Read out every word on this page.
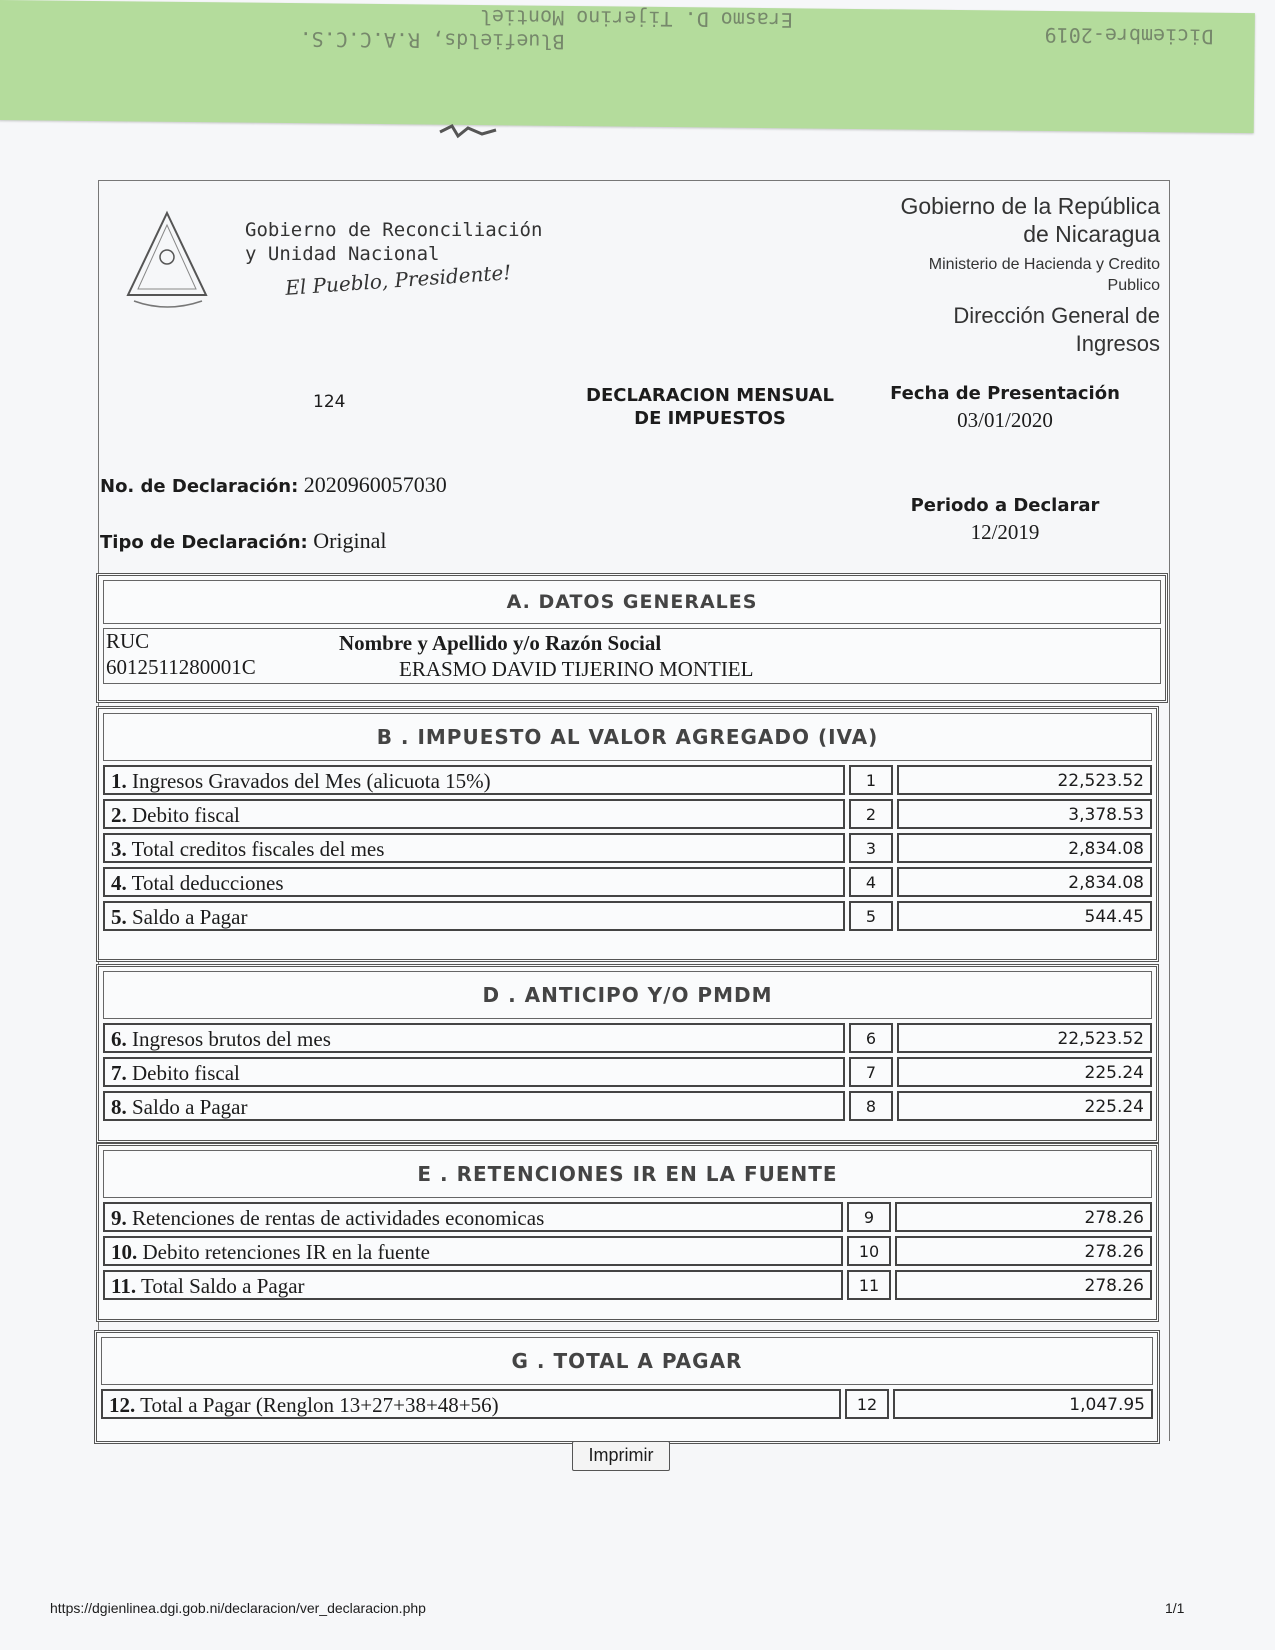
Bluefields, R.A.C.C.S.	Diciembre-2019
Erasmo D. Tijerino Montiel
Gobierno de Reconciliación
y Unidad Nacional
El Pueblo, Presidente!
Gobierno de la República
de Nicaragua
Ministerio de Hacienda y Credito
Publico
Dirección General de
Ingresos
124	DECLARACION MENSUAL
DE IMPUESTOS
Fecha de Presentación
03/01/2020
No. de Declaración: 2020960057030
Periodo a Declarar
12/2019
Tipo de Declaración: Original
A. DATOS GENERALES
RUC
6012511280001C
Nombre y Apellido y/o Razón Social
ERASMO DAVID TIJERINO MONTIEL
B . IMPUESTO AL VALOR AGREGADO (IVA)
1. Ingresos Gravados del Mes (alicuota 15%)	1	22,523.52
2. Debito fiscal	2	3,378.53
3. Total creditos fiscales del mes	3	2,834.08
4. Total deducciones	4	2,834.08
5. Saldo a Pagar	5	544.45
D . ANTICIPO Y/O PMDM
6. Ingresos brutos del mes	6	22,523.52
7. Debito fiscal	7	225.24
8. Saldo a Pagar	8	225.24
E . RETENCIONES IR EN LA FUENTE
9. Retenciones de rentas de actividades economicas	9	278.26
10. Debito retenciones IR en la fuente	10	278.26
11. Total Saldo a Pagar	11	278.26
G . TOTAL A PAGAR
12. Total a Pagar (Renglon 13+27+38+48+56)	12	1,047.95
Imprimir
https://dgienlinea.dgi.gob.ni/declaracion/ver_declaracion.php	1/1
